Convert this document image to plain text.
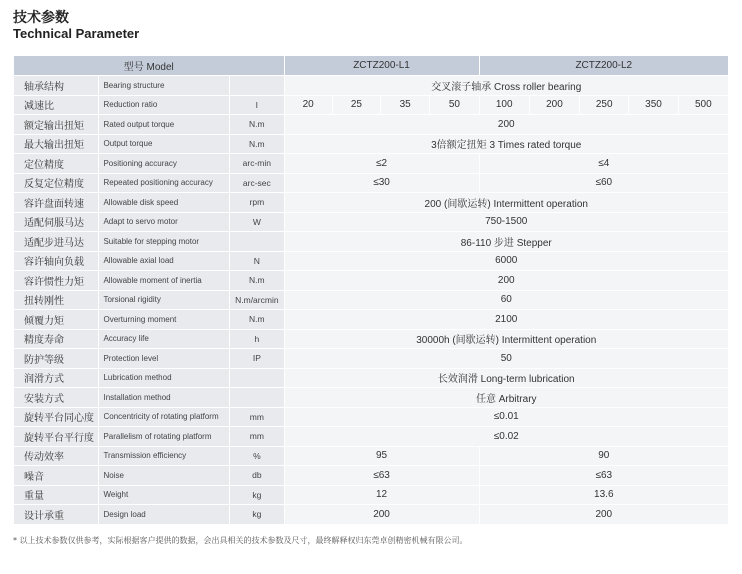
技术参数
Technical Parameter
型号 Model			ZCTZ200-L1				ZCTZ200-L2				
轴承结构	Bearing structure		交叉滚子轴承 Cross roller bearing								
减速比	Reduction ratio	I	20	25	35	50	100	200	250	350	500
额定输出扭矩	Rated output torque	N.m	200								
最大输出扭矩	Output torque	N.m	3倍额定扭矩 3 Times rated torque								
定位精度	Positioning accuracy	arc-min	≤2				≤4				
反复定位精度	Repeated positioning accuracy	arc-sec	≤30				≤60				
容许盘面转速	Allowable disk speed	rpm	200 (间歇运转) Intermittent operation								
适配伺服马达	Adapt to servo motor	W	750-1500								
适配步进马达	Suitable for stepping motor		86-110 步进 Stepper								
容许轴向负载	Allowable axial load	N	6000								
容许惯性力矩	Allowable moment of inertia	N.m	200								
扭转刚性	Torsional rigidity	N.m/arcmin	60								
倾覆力矩	Overturning moment	N.m	2100								
精度寿命	Accuracy life	h	30000h (间歇运转) Intermittent operation								
防护等级	Protection level	IP	50								
润滑方式	Lubrication method		长效润滑 Long-term lubrication								
安装方式	Installation method		任意 Arbitrary								
旋转平台同心度	Concentricity of rotating platform	mm	≤0.01								
旋转平台平行度	Parallelism of rotating platform	mm	≤0.02								
传动效率	Transmission efficiency	%	95				90				
噪音	Noise	db	≤63				≤63				
重量	Weight	kg	12				13.6				
设计承重	Design load	kg	200				200				
* 以上技术参数仅供参考，实际根据客户提供的数据，会出具相关的技术参数及尺寸，最终解释权归东莞卓创精密机械有限公司。
